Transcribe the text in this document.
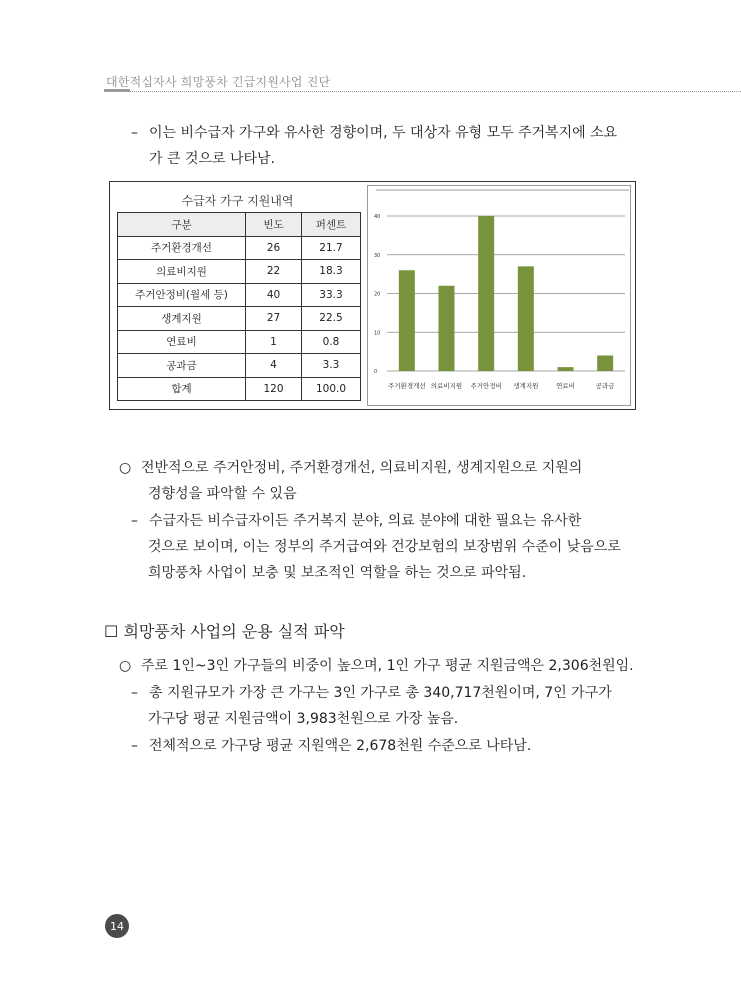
대한적십자사 희망풍차 긴급지원사업 진단
– 이는 비수급자 가구와 유사한 경향이며, 두 대상자 유형 모두 주거복지에 소요
가 큰 것으로 나타남.
수급자 가구 지원내역
구분	빈도	퍼센트
주거환경개선	26	21.7
의료비지원	22	18.3
주거안정비(월세 등)	40	33.3
생계지원	27	22.5
연료비	1	0.8
공과금	4	3.3
합계	120	100.0
0
10
20
30
40
주거환경개선 의료비지원 주거안정비 생계지원	연료비	공과금
○ 전반적으로 주거안정비, 주거환경개선, 의료비지원, 생계지원으로 지원의
경향성을 파악할 수 있음
– 수급자든 비수급자이든 주거복지 분야, 의료 분야에 대한 필요는 유사한
것으로 보이며, 이는 정부의 주거급여와 건강보험의 보장범위 수준이 낮음으로
희망풍차 사업이 보충 및 보조적인 역할을 하는 것으로 파악됨.
☐ 희망풍차 사업의 운용 실적 파악
○ 주로 1인~3인 가구들의 비중이 높으며, 1인 가구 평균 지원금액은 2,306천원임.
– 총 지원규모가 가장 큰 가구는 3인 가구로 총 340,717천원이며, 7인 가구가
가구당 평균 지원금액이 3,983천원으로 가장 높음.
– 전체적으로 가구당 평균 지원액은 2,678천원 수준으로 나타남.
14
